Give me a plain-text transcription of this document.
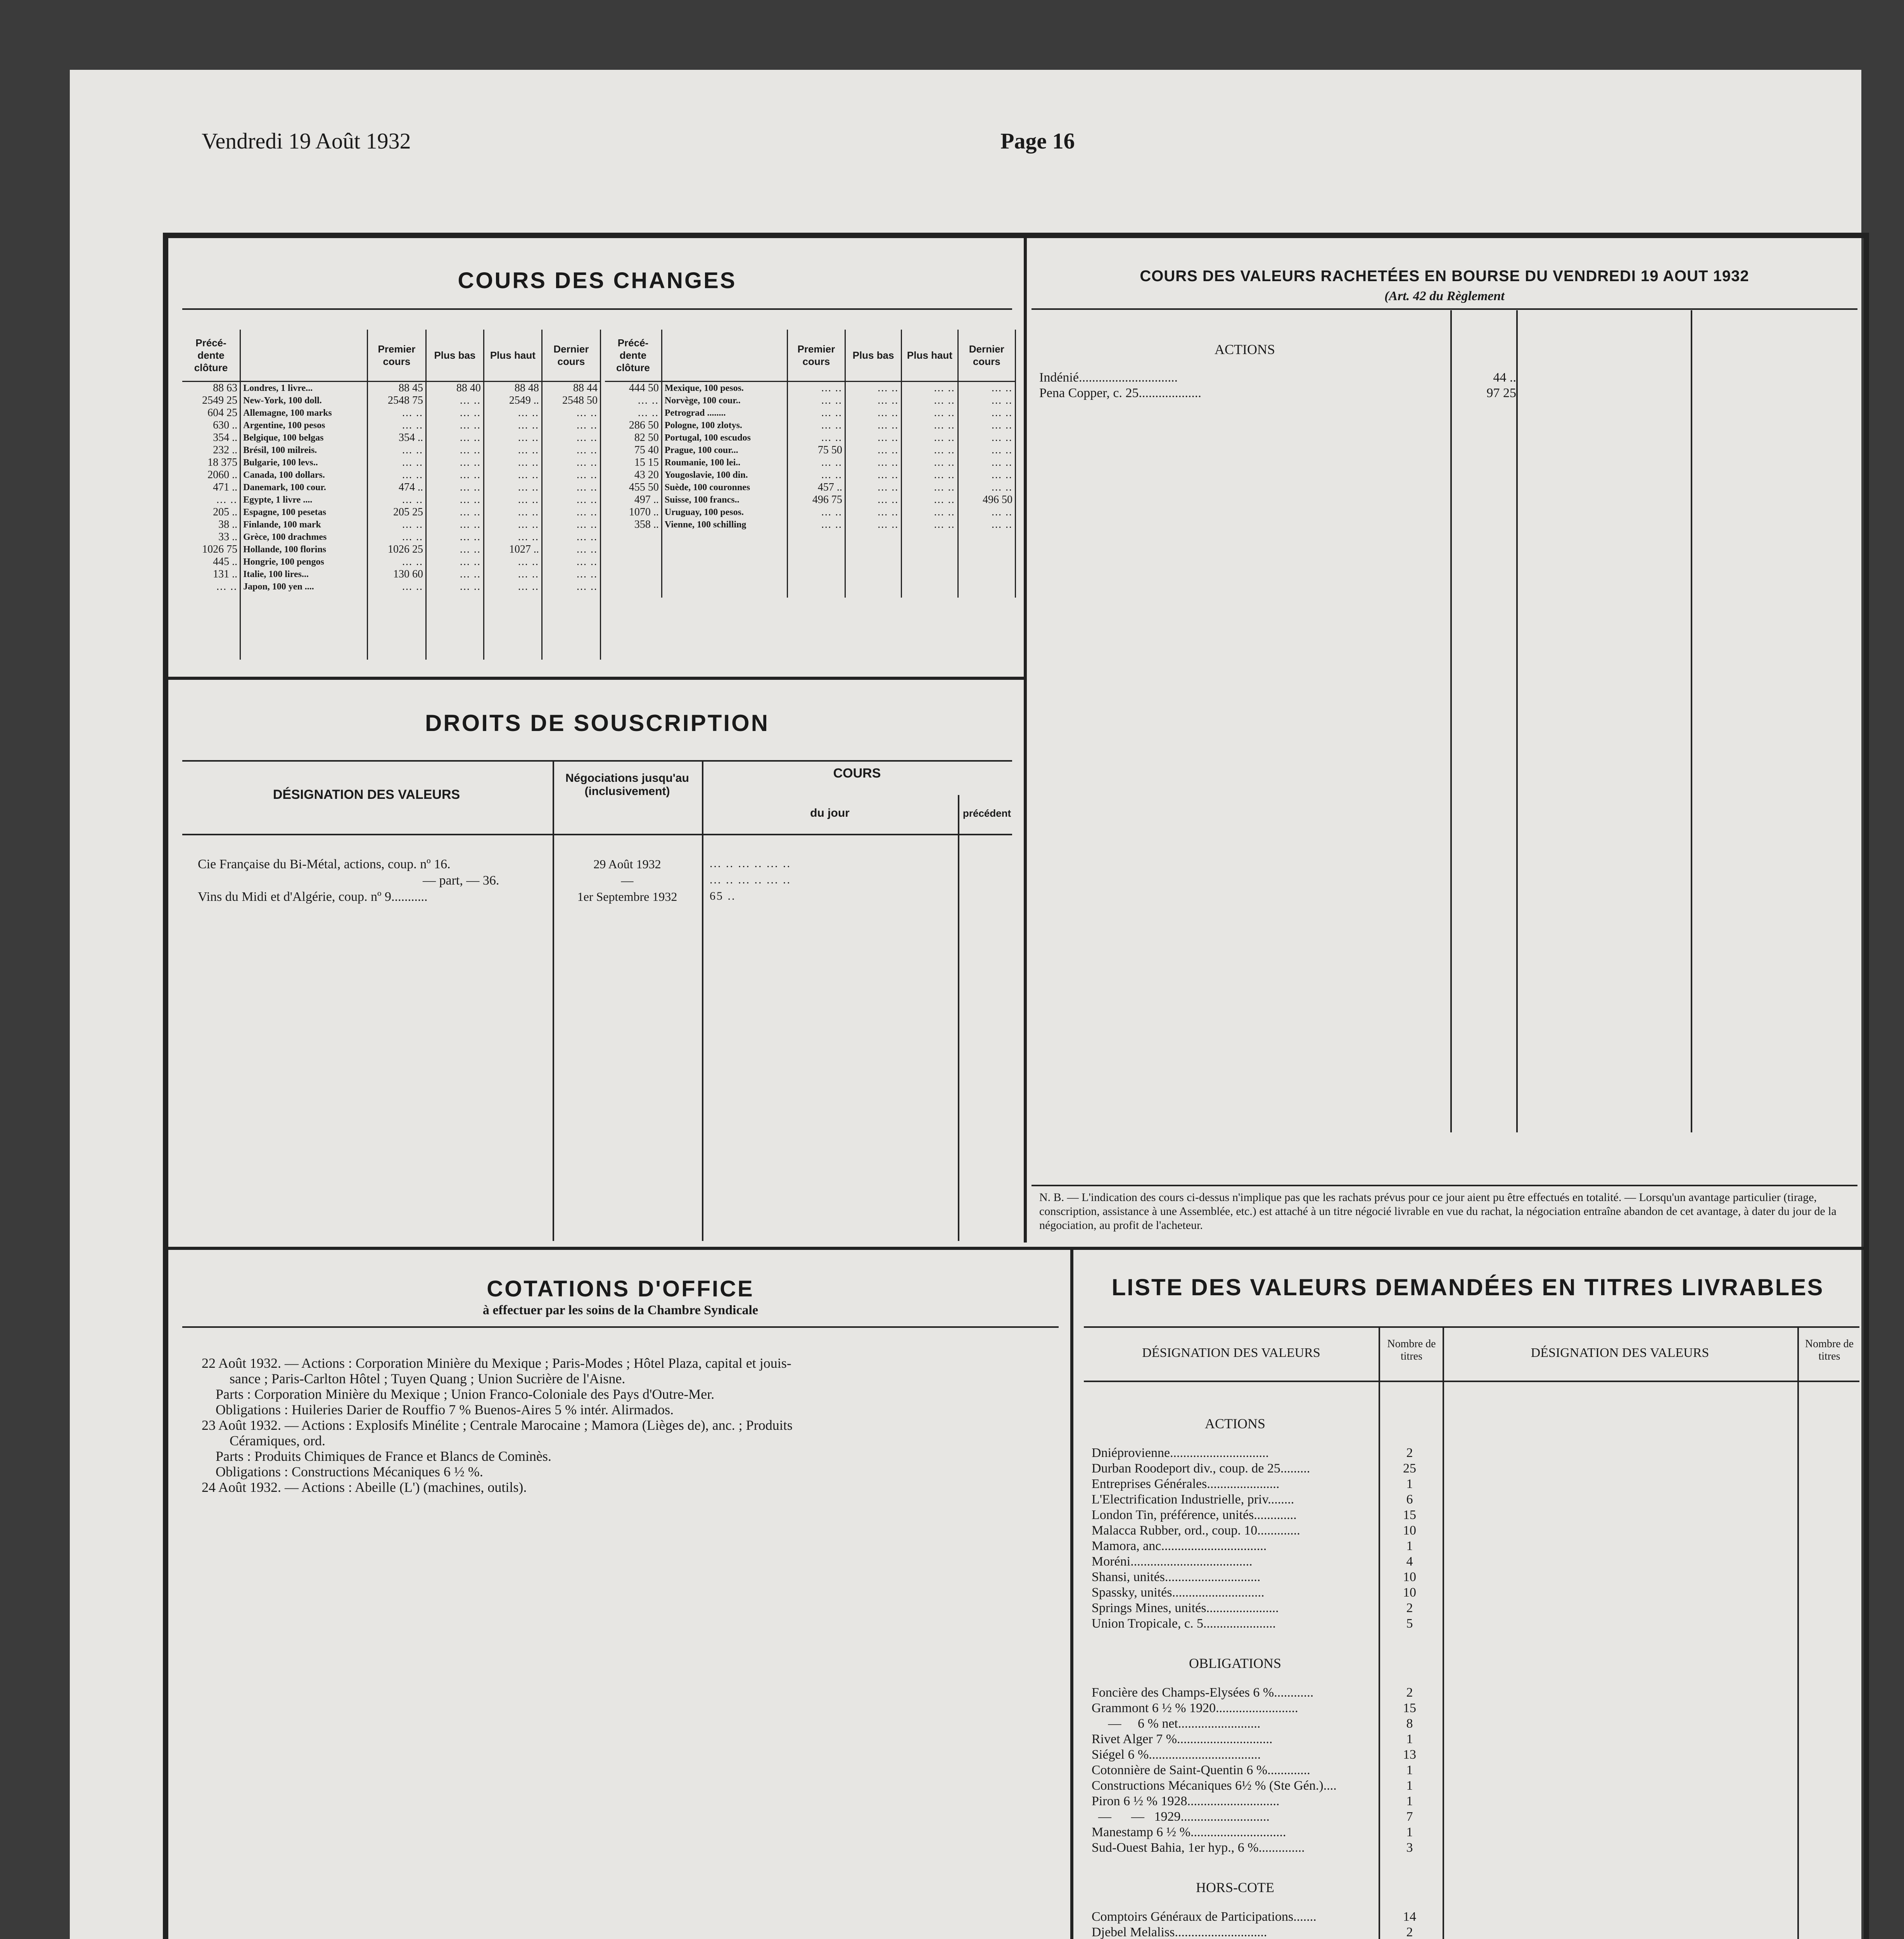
Vendredi 19 Août 1932	Page 16
COURS DES CHANGES
Précé-dente clôture		Premier cours	Plus bas	Plus haut	Dernier cours
88 63	Londres, 1 livre...	88 45	88 40	88 48	88 44
2549 25	New-York, 100 doll.	2548 75	... ..	2549 ..	2548 50
604 25	Allemagne, 100 marks	... ..	... ..	... ..	... ..
630 ..	Argentine, 100 pesos	... ..	... ..	... ..	... ..
354 ..	Belgique, 100 belgas	354 ..	... ..	... ..	... ..
232 ..	Brésil, 100 milreis.	... ..	... ..	... ..	... ..
18 375	Bulgarie, 100 levs..	... ..	... ..	... ..	... ..
2060 ..	Canada, 100 dollars.	... ..	... ..	... ..	... ..
471 ..	Danemark, 100 cour.	474 ..	... ..	... ..	... ..
... ..	Egypte, 1 livre ....	... ..	... ..	... ..	... ..
205 ..	Espagne, 100 pesetas	205 25	... ..	... ..	... ..
38 ..	Finlande, 100 mark	... ..	... ..	... ..	... ..
33 ..	Grèce, 100 drachmes	... ..	... ..	... ..	... ..
1026 75	Hollande, 100 florins	1026 25	... ..	1027 ..	... ..
445 ..	Hongrie, 100 pengos	... ..	... ..	... ..	... ..
131 ..	Italie, 100 lires...	130 60	... ..	... ..	... ..
... ..	Japon, 100 yen ....	... ..	... ..	... ..	... ..

Précé-dente clôture		Premier cours	Plus bas	Plus haut	Dernier cours
444 50	Mexique, 100 pesos.	... ..	... ..	... ..	... ..
... ..	Norvège, 100 cour..	... ..	... ..	... ..	... ..
... ..	Petrograd ........	... ..	... ..	... ..	... ..
286 50	Pologne, 100 zlotys.	... ..	... ..	... ..	... ..
82 50	Portugal, 100 escudos	... ..	... ..	... ..	... ..
75 40	Prague, 100 cour...	75 50	... ..	... ..	... ..
15 15	Roumanie, 100 lei..	... ..	... ..	... ..	... ..
43 20	Yougoslavie, 100 din.	... ..	... ..	... ..	... ..
455 50	Suède, 100 couronnes	457 ..	... ..	... ..	... ..
497 ..	Suisse, 100 francs..	496 75	... ..	... ..	496 50
1070 ..	Uruguay, 100 pesos.	... ..	... ..	... ..	... ..
358 ..	Vienne, 100 schilling	... ..	... ..	... ..	... ..

DROITS DE SOUSCRIPTION
DÉSIGNATION DES VALEURS
Négociations jusqu'au (inclusivement)
COURS
du jour	précédent
Cie Française du Bi-Métal, actions, coup. nº 16.	29 Août 1932	... .. ... .. ... ..
— part, — 36.	—	... .. ... .. ... ..
Vins du Midi et d'Algérie, coup. nº 9...........	1er Septembre 1932	65 ..
COURS DES VALEURS RACHETÉES EN BOURSE DU VENDREDI 19 AOUT 1932
(Art. 42 du Règlement
ACTIONS
Indénié..............................	44 ..
Pena Copper, c. 25...................	97 25
N. B. — L'indication des cours ci-dessus n'implique pas que les rachats prévus pour ce jour aient pu être effectués en totalité. — Lorsqu'un avantage particulier (tirage, conscription, assistance à une Assemblée, etc.) est attaché à un titre négocié livrable en vue du rachat, la négociation entraîne abandon de cet avantage, à dater du jour de la négociation, au profit de l'acheteur.
COTATIONS D'OFFICE
à effectuer par les soins de la Chambre Syndicale
22 Août 1932. — Actions : Corporation Minière du Mexique ; Paris-Modes ; Hôtel Plaza, capital et jouis-
sance ; Paris-Carlton Hôtel ; Tuyen Quang ; Union Sucrière de l'Aisne.
Parts : Corporation Minière du Mexique ; Union Franco-Coloniale des Pays d'Outre-Mer.
Obligations : Huileries Darier de Rouffio 7 % Buenos-Aires 5 % intér. Alirmados.
23 Août 1932. — Actions : Explosifs Minélite ; Centrale Marocaine ; Mamora (Lièges de), anc. ; Produits
Céramiques, ord.
Parts : Produits Chimiques de France et Blancs de Cominès.
Obligations : Constructions Mécaniques 6 ½ %.
24 Août 1932. — Actions : Abeille (L') (machines, outils).
LISTE DES VALEURS DEMANDÉES EN TITRES LIVRABLES
DÉSIGNATION DES VALEURS
Nombre de titres	DÉSIGNATION DES VALEURS
Nombre de titres
ACTIONS
Dniéprovienne..............................	2
Durban Roodeport div., coup. de 25.........	25
Entreprises Générales......................	1
L'Electrification Industrielle, priv........	6
London Tin, préférence, unités.............	15
Malacca Rubber, ord., coup. 10.............	10
Mamora, anc................................	1
Moréni.....................................	4
Shansi, unités.............................	10
Spassky, unités............................	10
Springs Mines, unités......................	2
Union Tropicale, c. 5......................	5
OBLIGATIONS
Foncière des Champs-Elysées 6 %............	2
Grammont 6 ½ % 1920.........................	15
—     6 % net.........................	8
Rivet Alger 7 %.............................	1
Siégel 6 %..................................	13
Cotonnière de Saint-Quentin 6 %.............	1
Constructions Mécaniques 6½ % (Ste Gén.)....	1
Piron 6 ½ % 1928............................	1
—      —   1929...........................	7
Manestamp 6 ½ %.............................	1
Sud-Ouest Bahia, 1er hyp., 6 %..............	3
HORS-COTE
Comptoirs Généraux de Participations.......	14
Djebel Melaliss............................	2
